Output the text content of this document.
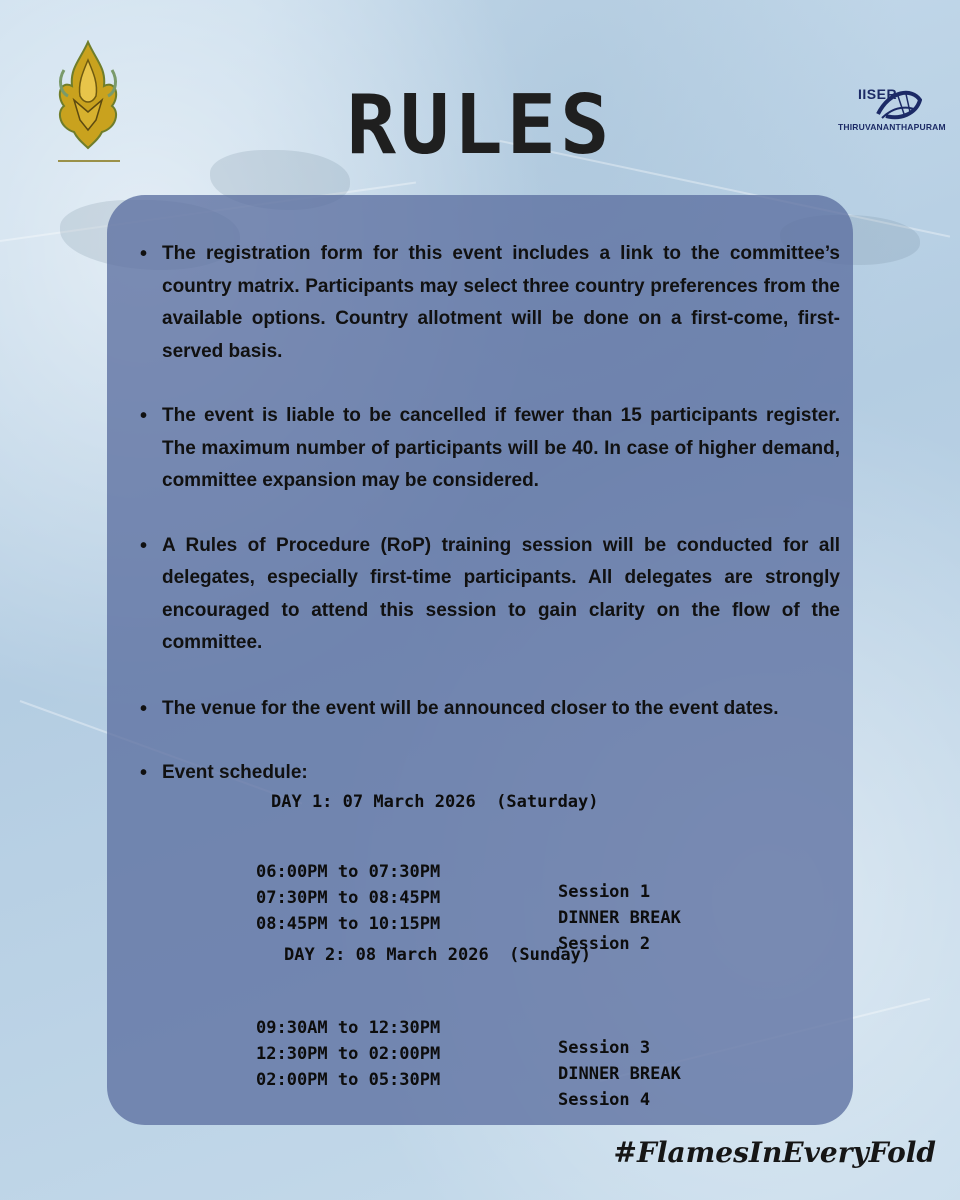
IISER
THIRUVANANTHAPURAM
RULES
• The registration form for this event includes a link to the committee’s country matrix. Participants may select three country preferences from the available options. Country allotment will be done on a first-come, first-served basis.
• The event is liable to be cancelled if fewer than 15 participants register. The maximum number of participants will be 40. In case of higher demand, committee expansion may be considered.
• A Rules of Procedure (RoP) training session will be conducted for all delegates, especially first-time participants. All delegates are strongly encouraged to attend this session to gain clarity on the flow of the committee.
• The venue for the event will be announced closer to the event dates.
• Event schedule:
DAY 1: 07 March 2026  (Saturday)

06:00PM to 07:30PM

Session 1

07:30PM to 08:45PM

DINNER BREAK

08:45PM to 10:15PM

Session 2

DAY 2: 08 March 2026  (Sunday)

09:30AM to 12:30PM

Session 3

12:30PM to 02:00PM

DINNER BREAK

02:00PM to 05:30PM

Session 4

#FlamesInEveryFold
